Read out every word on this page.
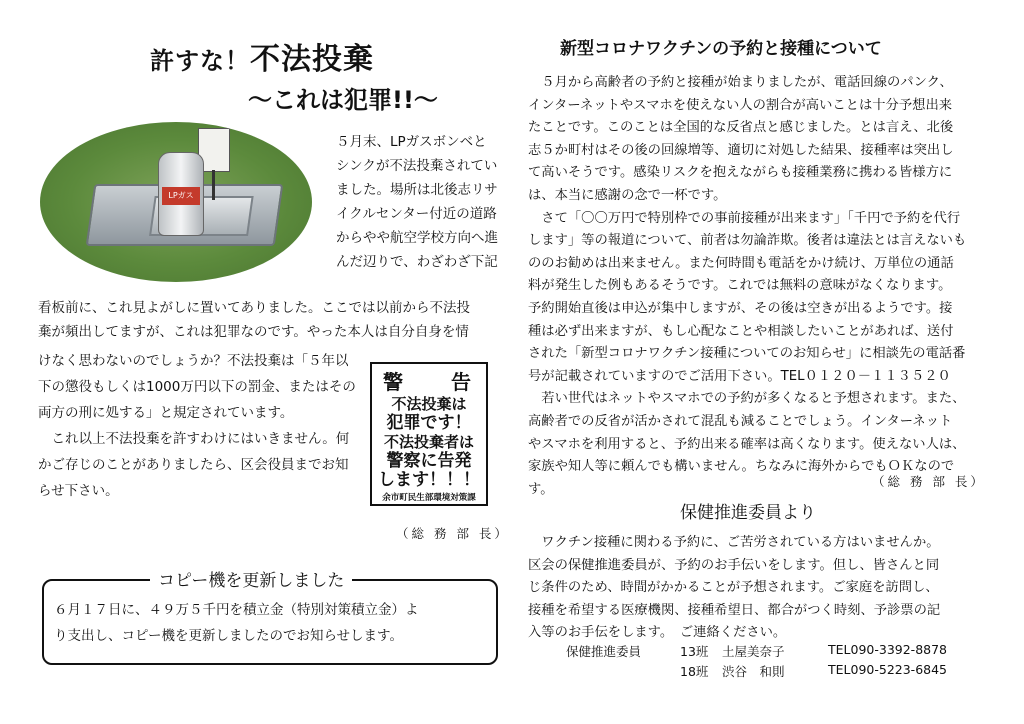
許すな！不法投棄
〜これは犯罪!!〜
LPガス
５月末、LPガスボンベと
シンクが不法投棄されてい
ました。場所は北後志リサ
イクルセンター付近の道路
からやや航空学校方向へ進
んだ辺りで、わざわざ下記
看板前に、これ見よがしに置いてありました。ここでは以前から不法投
棄が頻出してますが、これは犯罪なのです。やった本人は自分自身を情
けなく思わないのでしょうか？不法投棄は「５年以
下の懲役もしくは1000万円以下の罰金、またはその
両方の刑に処する」と規定されています。
　これ以上不法投棄を許すわけにはいきません。何
かご存じのことがありましたら、区会役員までお知
らせ下さい。
警　告
不法投棄は
犯罪です！
不法投棄者は
警察に告発
します！！！
余市町民生部環境対策課
（総 務 部 長）
コピー機を更新しました
６月１７日に、４９万５千円を積立金（特別対策積立金）よ
り支出し、コピー機を更新しましたのでお知らせします。
新型コロナワクチンの予約と接種について
　５月から高齢者の予約と接種が始まりましたが、電話回線のパンク、
インターネットやスマホを使えない人の割合が高いことは十分予想出来
たことです。このことは全国的な反省点と感じました。とは言え、北後
志５か町村はその後の回線増等、適切に対処した結果、接種率は突出し
て高いそうです。感染リスクを抱えながらも接種業務に携わる皆様方に
は、本当に感謝の念で一杯です。
　さて「〇〇万円で特別枠での事前接種が出来ます」「千円で予約を代行
します」等の報道について、前者は勿論詐欺。後者は違法とは言えないも
ののお勧めは出来ません。また何時間も電話をかけ続け、万単位の通話
料が発生した例もあるそうです。これでは無料の意味がなくなります。
予約開始直後は申込が集中しますが、その後は空きが出るようです。接
種は必ず出来ますが、もし心配なことや相談したいことがあれば、送付
された「新型コロナワクチン接種についてのお知らせ」に相談先の電話番
号が記載されていますのでご活用下さい。TEL０１２０－１１３５２０
　若い世代はネットやスマホでの予約が多くなると予想されます。また、
高齢者での反省が活かされて混乱も減ることでしょう。インターネット
やスマホを利用すると、予約出来る確率は高くなります。使えない人は、
家族や知人等に頼んでも構いません。ちなみに海外からでもＯＫなので
す。
（総 務 部 長）
保健推進委員より
　ワクチン接種に関わる予約に、ご苦労されている方はいませんか。
区会の保健推進委員が、予約のお手伝いをします。但し、皆さんと同
じ条件のため、時間がかかることが予想されます。ご家庭を訪問し、
接種を希望する医療機関、接種希望日、都合がつく時刻、予診票の記
入等のお手伝をします。　ご連絡ください。
保健推進委員	13班 土屋美奈子	TEL090-3392-8878
18班 渋谷　和則	TEL090-5223-6845
